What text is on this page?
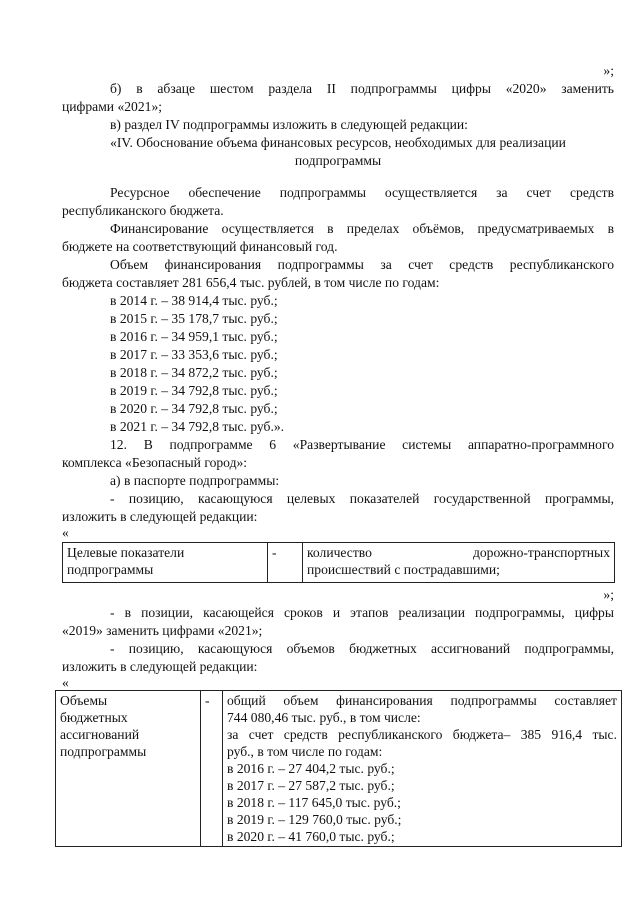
»;
б) в абзаце шестом раздела II подпрограммы цифры «2020» заменить
цифрами «2021»;
в) раздел IV подпрограммы изложить в следующей редакции:
«IV. Обоснование объема финансовых ресурсов, необходимых для реализации
подпрограммы
Ресурсное обеспечение подпрограммы осуществляется за счет средств
республиканского бюджета.
Финансирование осуществляется в пределах объёмов, предусматриваемых в
бюджете на соответствующий финансовый год.
Объем финансирования подпрограммы за счет средств республиканского
бюджета составляет 281 656,4 тыс. рублей, в том числе по годам:
в 2014 г. – 38 914,4 тыс. руб.;
в 2015 г. – 35 178,7 тыс. руб.;
в 2016 г. – 34 959,1 тыс. руб.;
в 2017 г. – 33 353,6 тыс. руб.;
в 2018 г. – 34 872,2 тыс. руб.;
в 2019 г. – 34 792,8 тыс. руб.;
в 2020 г. – 34 792,8 тыс. руб.;
в 2021 г. – 34 792,8 тыс. руб.».
12. В подпрограмме 6 «Развертывание системы аппаратно-программного
комплекса «Безопасный город»:
а) в паспорте подпрограммы:
- позицию, касающуюся целевых показателей государственной программы,
изложить в следующей редакции:
«
Целевые показатели
подпрограммы

-	количество дорожно-транспортных
происшествий с пострадавшими;
»;
- в позиции, касающейся сроков и этапов реализации подпрограммы, цифры
«2019» заменить цифрами «2021»;
- позицию, касающуюся объемов бюджетных ассигнований подпрограммы,
изложить в следующей редакции:
«
Объемы
бюджетных
ассигнований
подпрограммы

-	общий объем финансирования подпрограммы составляет
744 080,46 тыс. руб., в том числе:
за счет средств республиканского бюджета– 385 916,4 тыс.
руб., в том числе по годам:
в 2016 г. – 27 404,2 тыс. руб.;
в 2017 г. – 27 587,2 тыс. руб.;
в 2018 г. – 117 645,0 тыс. руб.;
в 2019 г. – 129 760,0 тыс. руб.;
в 2020 г. – 41 760,0 тыс. руб.;
